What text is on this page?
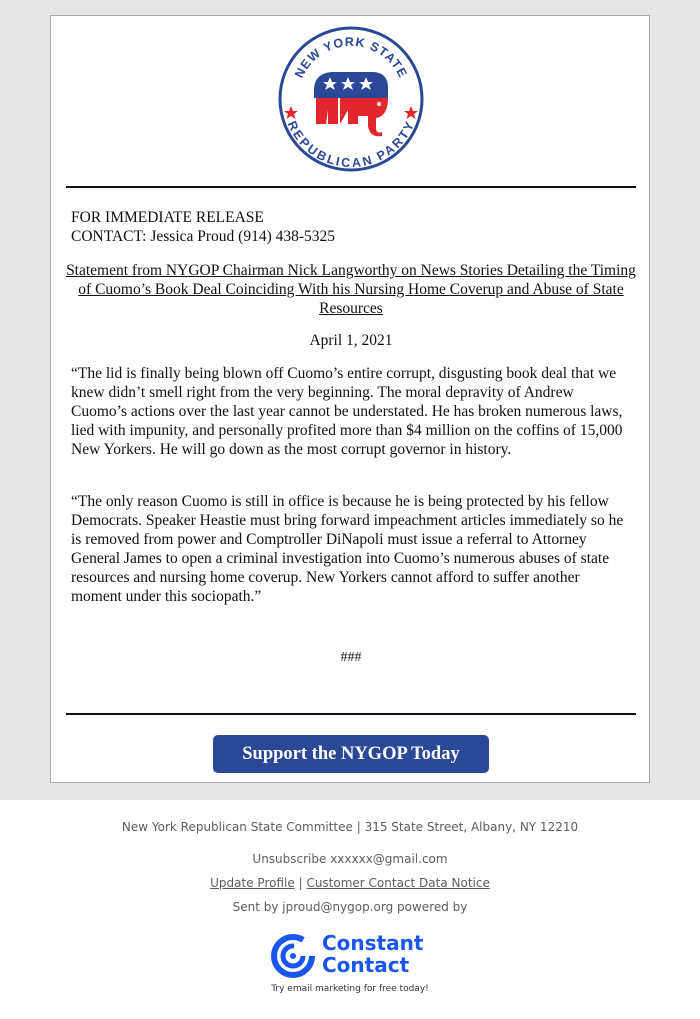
NEW YORK STATE
REPUBLICAN PARTY
FOR IMMEDIATE RELEASE
CONTACT: Jessica Proud (914) 438-5325
Statement from NYGOP Chairman Nick Langworthy on News Stories Detailing the Timing of Cuomo’s Book Deal Coinciding With his Nursing Home Coverup and Abuse of State Resources
April 1, 2021

“The lid is finally being blown off Cuomo’s entire corrupt, disgusting book deal that we knew didn’t smell right from the very beginning. The moral depravity of Andrew Cuomo’s actions over the last year cannot be understated. He has broken numerous laws, lied with impunity, and personally profited more than $4 million on the coffins of 15,000 New Yorkers. He will go down as the most corrupt governor in history.

“The only reason Cuomo is still in office is because he is being protected by his fellow Democrats. Speaker Heastie must bring forward impeachment articles immediately so he is removed from power and Comptroller DiNapoli must issue a referral to Attorney General James to open a criminal investigation into Cuomo’s numerous abuses of state resources and nursing home coverup. New Yorkers cannot afford to suffer another moment under this sociopath.”

###
Support the NYGOP Today
New York Republican State Committee | 315 State Street, Albany, NY 12210
Unsubscribe xxxxxx@gmail.com
Update Profile | Customer Contact Data Notice
Sent by jproud@nygop.org powered by
Constant
Contact
Try email marketing for free today!
